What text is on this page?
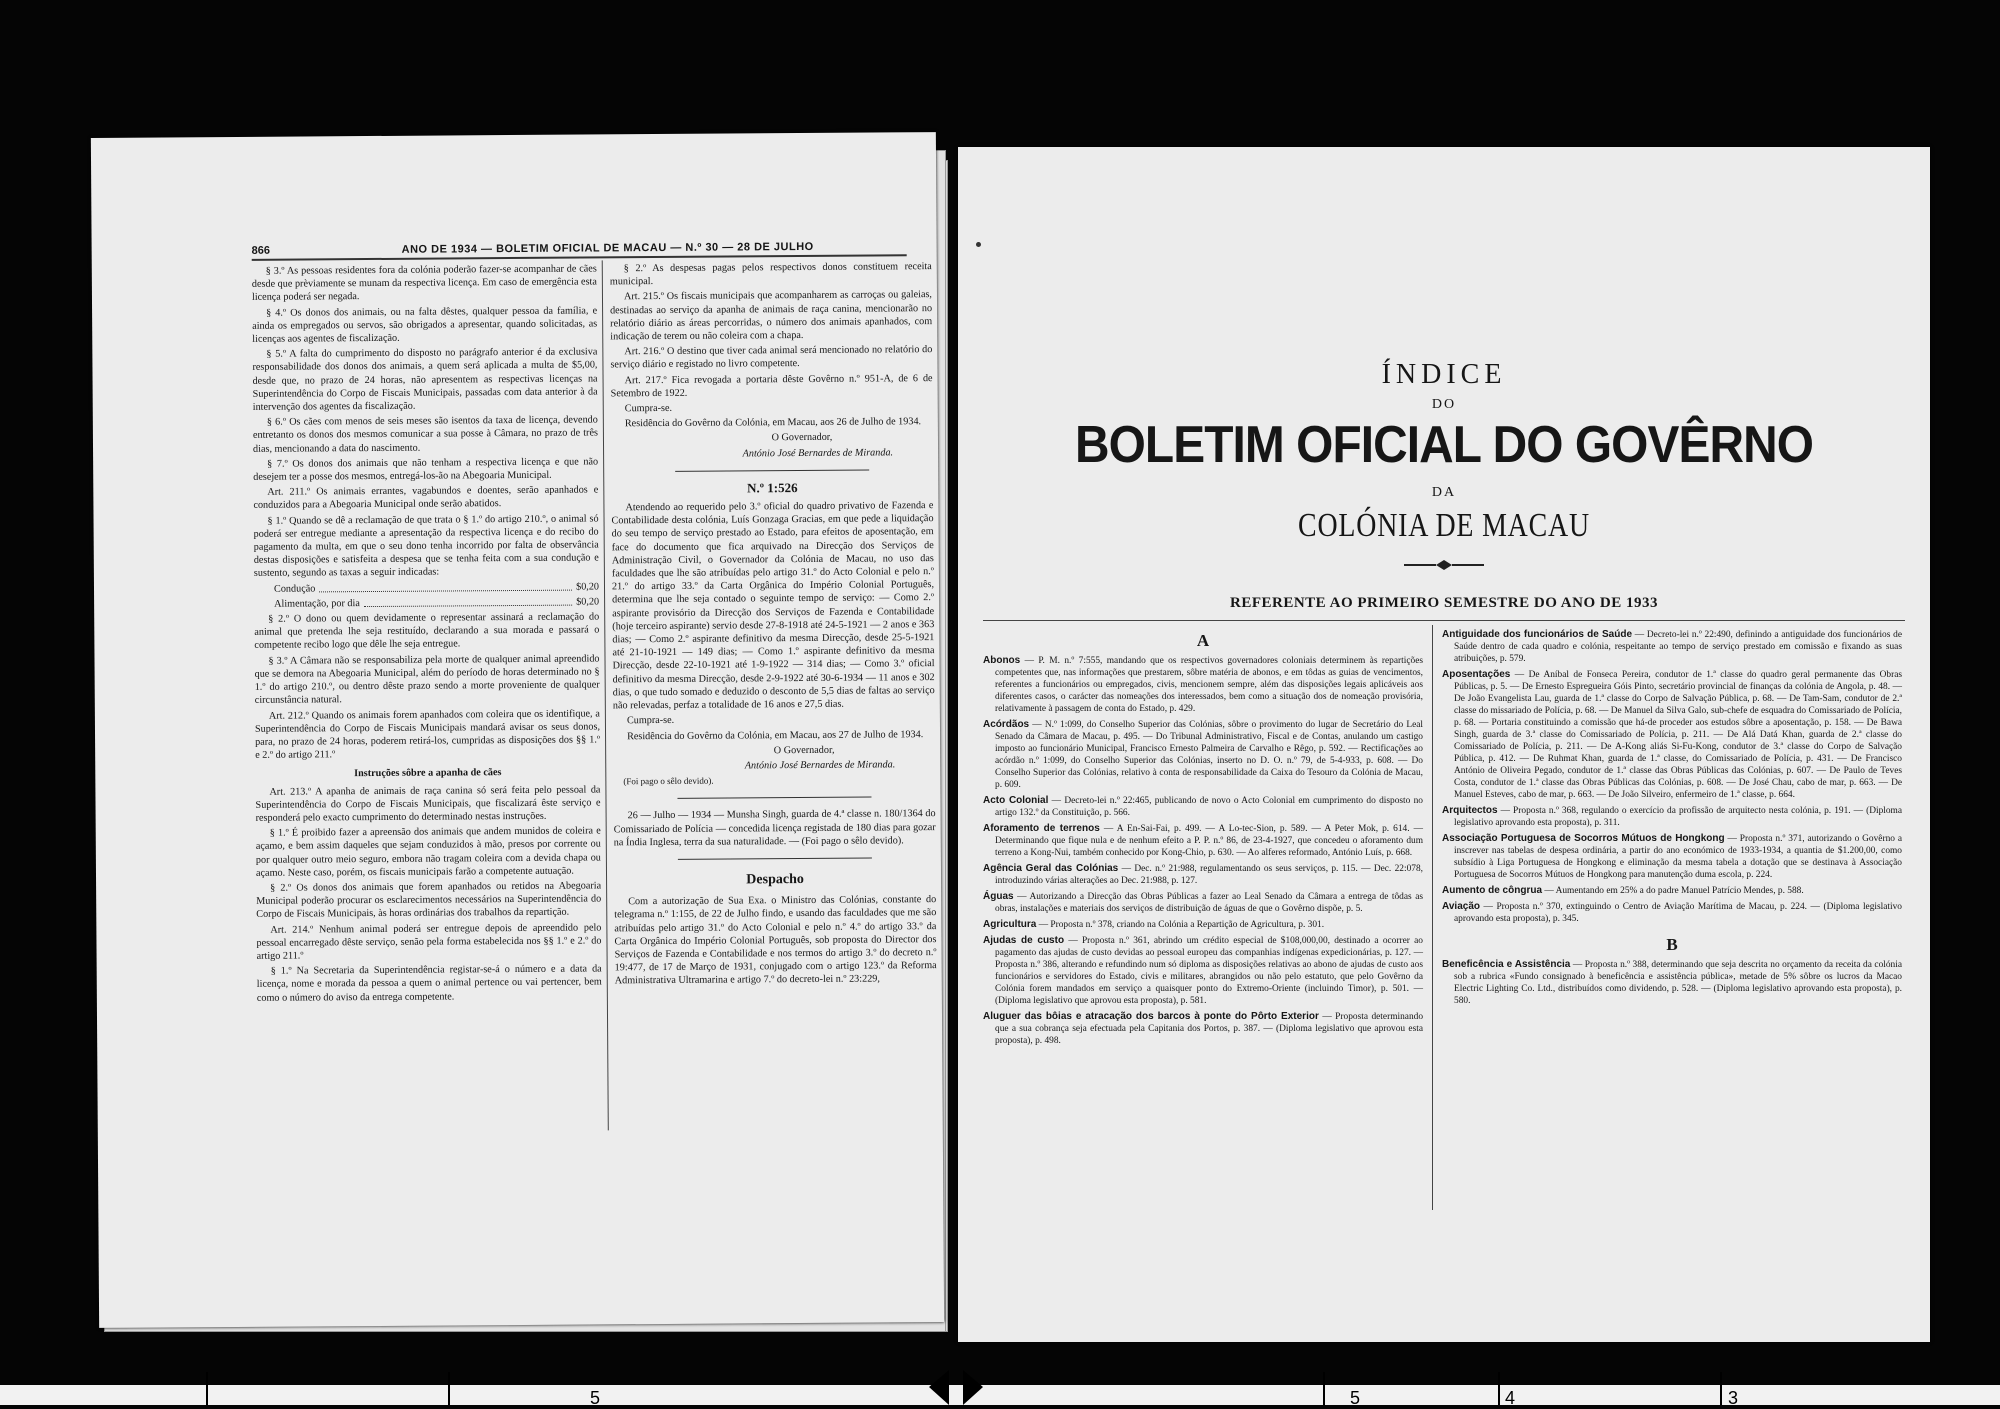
866	ANO DE 1934 — BOLETIM OFICIAL DE MACAU — N.º 30 — 28 DE JULHO

§ 3.º As pessoas residentes fora da colónia poderão fazer-se acompanhar de cães desde que prèviamente se munam da respectiva licença. Em caso de emergência esta licença poderá ser negada.

§ 4.º Os donos dos animais, ou na falta dêstes, qualquer pessoa da família, e ainda os empregados ou servos, são obrigados a apresentar, quando solicitadas, as licenças aos agentes de fiscalização.

§ 5.º A falta do cumprimento do disposto no parágrafo anterior é da exclusiva responsabilidade dos donos dos animais, a quem será aplicada a multa de $5,00, desde que, no prazo de 24 horas, não apresentem as respectivas licenças na Superintendência do Corpo de Fiscais Municipais, passadas com data anterior à da intervenção dos agentes da fiscalização.

§ 6.º Os cães com menos de seis meses são isentos da taxa de licença, devendo entretanto os donos dos mesmos comunicar a sua posse à Câmara, no prazo de três dias, mencionando a data do nascimento.

§ 7.º Os donos dos animais que não tenham a respectiva licença e que não desejem ter a posse dos mesmos, entregá-los-ão na Abegoaria Municipal.

Art. 211.º Os animais errantes, vagabundos e doentes, serão apanhados e conduzidos para a Abegoaria Municipal onde serão abatidos.

§ 1.º Quando se dê a reclamação de que trata o § 1.º do artigo 210.º, o animal só poderá ser entregue mediante a apresentação da respectiva licença e do recibo do pagamento da multa, em que o seu dono tenha incorrido por falta de observância destas disposições e satisfeita a despesa que se tenha feita com a sua condução e sustento, segundo as taxas a seguir indicadas:

Condução	$0,20
Alimentação, por dia	$0,20

§ 2.º O dono ou quem devidamente o representar assinará a reclamação do animal que pretenda lhe seja restituído, declarando a sua morada e passará o competente recibo logo que dêle lhe seja entregue.

§ 3.º A Câmara não se responsabiliza pela morte de qualquer animal apreendido que se demora na Abegoaria Municipal, além do período de horas determinado no § 1.º do artigo 210.º, ou dentro dêste prazo sendo a morte proveniente de qualquer circunstância natural.

Art. 212.º Quando os animais forem apanhados com coleira que os identifique, a Superintendência do Corpo de Fiscais Municipais mandará avisar os seus donos, para, no prazo de 24 horas, poderem retirá-los, cumpridas as disposições dos §§ 1.º e 2.º do artigo 211.º

Instruções sôbre a apanha de cães

Art. 213.º A apanha de animais de raça canina só será feita pelo pessoal da Superintendência do Corpo de Fiscais Municipais, que fiscalizará êste serviço e responderá pelo exacto cumprimento do determinado nestas instruções.

§ 1.º É proibido fazer a apreensão dos animais que andem munidos de coleira e açamo, e bem assim daqueles que sejam conduzidos à mão, presos por corrente ou por qualquer outro meio seguro, embora não tragam coleira com a devida chapa ou açamo. Neste caso, porém, os fiscais municipais farão a competente autuação.

§ 2.º Os donos dos animais que forem apanhados ou retidos na Abegoaria Municipal poderão procurar os esclarecimentos necessários na Superintendência do Corpo de Fiscais Municipais, às horas ordinárias dos trabalhos da repartição.

Art. 214.º Nenhum animal poderá ser entregue depois de apreendido pelo pessoal encarregado dêste serviço, senão pela forma estabelecida nos §§ 1.º e 2.º do artigo 211.º

§ 1.º Na Secretaria da Superintendência registar-se-á o número e a data da licença, nome e morada da pessoa a quem o animal pertence ou vai pertencer, bem como o número do aviso da entrega competente.

§ 2.º As despesas pagas pelos respectivos donos constituem receita municipal.

Art. 215.º Os fiscais municipais que acompanharem as carroças ou galeias, destinadas ao serviço da apanha de animais de raça canina, mencionarão no relatório diário as áreas percorridas, o número dos animais apanhados, com indicação de terem ou não coleira com a chapa.

Art. 216.º O destino que tiver cada animal será mencionado no relatório do serviço diário e registado no livro competente.

Art. 217.º Fica revogada a portaria dêste Govêrno n.º 951-A, de 6 de Setembro de 1922.

Cumpra-se.

Residência do Govêrno da Colónia, em Macau, aos 26 de Julho de 1934.

O Governador,

António José Bernardes de Miranda.

N.º 1:526

Atendendo ao requerido pelo 3.º oficial do quadro privativo de Fazenda e Contabilidade desta colónia, Luís Gonzaga Gracias, em que pede a liquidação do seu tempo de serviço prestado ao Estado, para efeitos de aposentação, em face do documento que fica arquivado na Direcção dos Serviços de Administração Civil, o Governador da Colónia de Macau, no uso das faculdades que lhe são atribuídas pelo artigo 31.º do Acto Colonial e pelo n.º 21.º do artigo 33.º da Carta Orgânica do Império Colonial Português, determina que lhe seja contado o seguinte tempo de serviço: — Como 2.º aspirante provisório da Direcção dos Serviços de Fazenda e Contabilidade (hoje terceiro aspirante) servio desde 27-8-1918 até 24-5-1921 — 2 anos e 363 dias; — Como 2.º aspirante definitivo da mesma Direcção, desde 25-5-1921 até 21-10-1921 — 149 dias; — Como 1.º aspirante definitivo da mesma Direcção, desde 22-10-1921 até 1-9-1922 — 314 dias; — Como 3.º oficial definitivo da mesma Direcção, desde 2-9-1922 até 30-6-1934 — 11 anos e 302 dias, o que tudo somado e deduzido o desconto de 5,5 dias de faltas ao serviço não relevadas, perfaz a totalidade de 16 anos e 27,5 dias.

Cumpra-se.

Residência do Govêrno da Colónia, em Macau, aos 27 de Julho de 1934.

O Governador,

António José Bernardes de Miranda.

(Foi pago o sêlo devido).

26 — Julho — 1934 — Munsha Singh, guarda de 4.ª classe n. 180/1364 do Comissariado de Polícia — concedida licença registada de 180 dias para gozar na Índia Inglesa, terra da sua naturalidade. — (Foi pago o sêlo devido).

Despacho

Com a autorização de Sua Exa. o Ministro das Colónias, constante do telegrama n.º 1:155, de 22 de Julho findo, e usando das faculdades que me são atribuídas pelo artigo 31.º do Acto Colonial e pelo n.º 4.º do artigo 33.º da Carta Orgânica do Império Colonial Português, sob proposta do Director dos Serviços de Fazenda e Contabilidade e nos termos do artigo 3.º do decreto n.º 19:477, de 17 de Março de 1931, conjugado com o artigo 123.º da Reforma Administrativa Ultramarina e artigo 7.º do decreto-lei n.º 23:229,

ÍNDICE
DO
BOLETIM OFICIAL DO GOVÊRNO
DA
COLÓNIA DE MACAU
REFERENTE AO PRIMEIRO SEMESTRE DO ANO DE 1933
A

Abonos — P. M. n.º 7:555, mandando que os respectivos governadores coloniais determinem às repartições competentes que, nas informações que prestarem, sôbre matéria de abonos, e em tôdas as guias de vencimentos, referentes a funcionários ou empregados, civis, mencionem sempre, além das disposições legais aplicáveis aos diferentes casos, o carácter das nomeações dos interessados, bem como a situação dos de nomeação provisória, relativamente à passagem de conta do Estado, p. 429.

Acórdãos — N.º 1:099, do Conselho Superior das Colónias, sôbre o provimento do lugar de Secretário do Leal Senado da Câmara de Macau, p. 495. — Do Tribunal Administrativo, Fiscal e de Contas, anulando um castigo imposto ao funcionário Municipal, Francisco Ernesto Palmeira de Carvalho e Rêgo, p. 592. — Rectificações ao acórdão n.º 1:099, do Conselho Superior das Colónias, inserto no D. O. n.º 79, de 5-4-933, p. 608. — Do Conselho Superior das Colónias, relativo à conta de responsabilidade da Caixa do Tesouro da Colónia de Macau, p. 609.

Acto Colonial — Decreto-lei n.º 22:465, publicando de novo o Acto Colonial em cumprimento do disposto no artigo 132.º da Constituição, p. 566.

Aforamento de terrenos — A En-Sai-Fai, p. 499. — A Lo-tec-Sion, p. 589. — A Peter Mok, p. 614. — Determinando que fique nula e de nenhum efeito a P. P. n.º 86, de 23-4-1927, que concedeu o aforamento dum terreno a Kong-Nui, também conhecido por Kong-Chio, p. 630. — Ao alferes reformado, António Luís, p. 668.

Agência Geral das Colónias — Dec. n.º 21:988, regulamentando os seus serviços, p. 115. — Dec. 22:078, introduzindo várias alterações ao Dec. 21:988, p. 127.

Águas — Autorizando a Direcção das Obras Públicas a fazer ao Leal Senado da Câmara a entrega de tôdas as obras, instalações e materiais dos serviços de distribuição de águas de que o Govêrno dispõe, p. 5.

Agricultura — Proposta n.º 378, criando na Colónia a Repartição de Agricultura, p. 301.

Ajudas de custo — Proposta n.º 361, abrindo um crédito especial de $108,000,00, destinado a ocorrer ao pagamento das ajudas de custo devidas ao pessoal europeu das companhias indígenas expedicionárias, p. 127. — Proposta n.º 386, alterando e refundindo num só diploma as disposições relativas ao abono de ajudas de custo aos funcionários e servidores do Estado, civis e militares, abrangidos ou não pelo estatuto, que pelo Govêrno da Colónia forem mandados em serviço a quaisquer ponto do Extremo-Oriente (incluindo Timor), p. 501. — (Diploma legislativo que aprovou esta proposta), p. 581.

Aluguer das bôias e atracação dos barcos à ponte do Pôrto Exterior — Proposta determinando que a sua cobrança seja efectuada pela Capitania dos Portos, p. 387. — (Diploma legislativo que aprovou esta proposta), p. 498.

Antiguidade dos funcionários de Saúde — Decreto-lei n.º 22:490, definindo a antiguidade dos funcionários de Saúde dentro de cada quadro e colónia, respeitante ao tempo de serviço prestado em comissão e fixando as suas atribuições, p. 579.

Aposentações — De Aníbal de Fonseca Pereira, condutor de 1.ª classe do quadro geral permanente das Obras Públicas, p. 5. — De Ernesto Espregueira Góis Pinto, secretário provincial de finanças da colónia de Angola, p. 48. — De João Evangelista Lau, guarda de 1.ª classe do Corpo de Salvação Pública, p. 68. — De Tam-Sam, condutor de 2.ª classe do missariado de Polícia, p. 68. — De Manuel da Silva Galo, sub-chefe de esquadra do Comissariado de Polícia, p. 68. — Portaria constituindo a comissão que há-de proceder aos estudos sôbre a aposentação, p. 158. — De Bawa Singh, guarda de 3.ª classe do Comissariado de Polícia, p. 211. — De Alá Datá Khan, guarda de 2.ª classe do Comissariado de Polícia, p. 211. — De A-Kong aliás Si-Fu-Kong, condutor de 3.ª classe do Corpo de Salvação Pública, p. 412. — De Ruhmat Khan, guarda de 1.ª classe, do Comissariado de Polícia, p. 431. — De Francisco António de Oliveira Pegado, condutor de 1.ª classe das Obras Públicas das Colónias, p. 607. — De Paulo de Teves Costa, condutor de 1.ª classe das Obras Públicas das Colónias, p. 608. — De José Chau, cabo de mar, p. 663. — De Manuel Esteves, cabo de mar, p. 663. — De João Silveiro, enfermeiro de 1.ª classe, p. 664.

Arquitectos — Proposta n.º 368, regulando o exercício da profissão de arquitecto nesta colónia, p. 191. — (Diploma legislativo aprovando esta proposta), p. 311.

Associação Portuguesa de Socorros Mútuos de Hongkong — Proposta n.º 371, autorizando o Govêrno a inscrever nas tabelas de despesa ordinária, a partir do ano económico de 1933-1934, a quantia de $1.200,00, como subsídio à Liga Portuguesa de Hongkong e eliminação da mesma tabela a dotação que se destinava à Associação Portuguesa de Socorros Mútuos de Hongkong para manutenção duma escola, p. 224.

Aumento de côngrua — Aumentando em 25% a do padre Manuel Patrício Mendes, p. 588.

Aviação — Proposta n.º 370, extinguindo o Centro de Aviação Marítima de Macau, p. 224. — (Diploma legislativo aprovando esta proposta), p. 345.

B

Beneficência e Assistência — Proposta n.º 388, determinando que seja descrita no orçamento da receita da colónia sob a rubrica «Fundo consignado à beneficência e assistência pública», metade de 5% sôbre os lucros da Macao Electric Lighting Co. Ltd., distribuídos como dividendo, p. 528. — (Diploma legislativo aprovando esta proposta), p. 580.

5	5	4	3
